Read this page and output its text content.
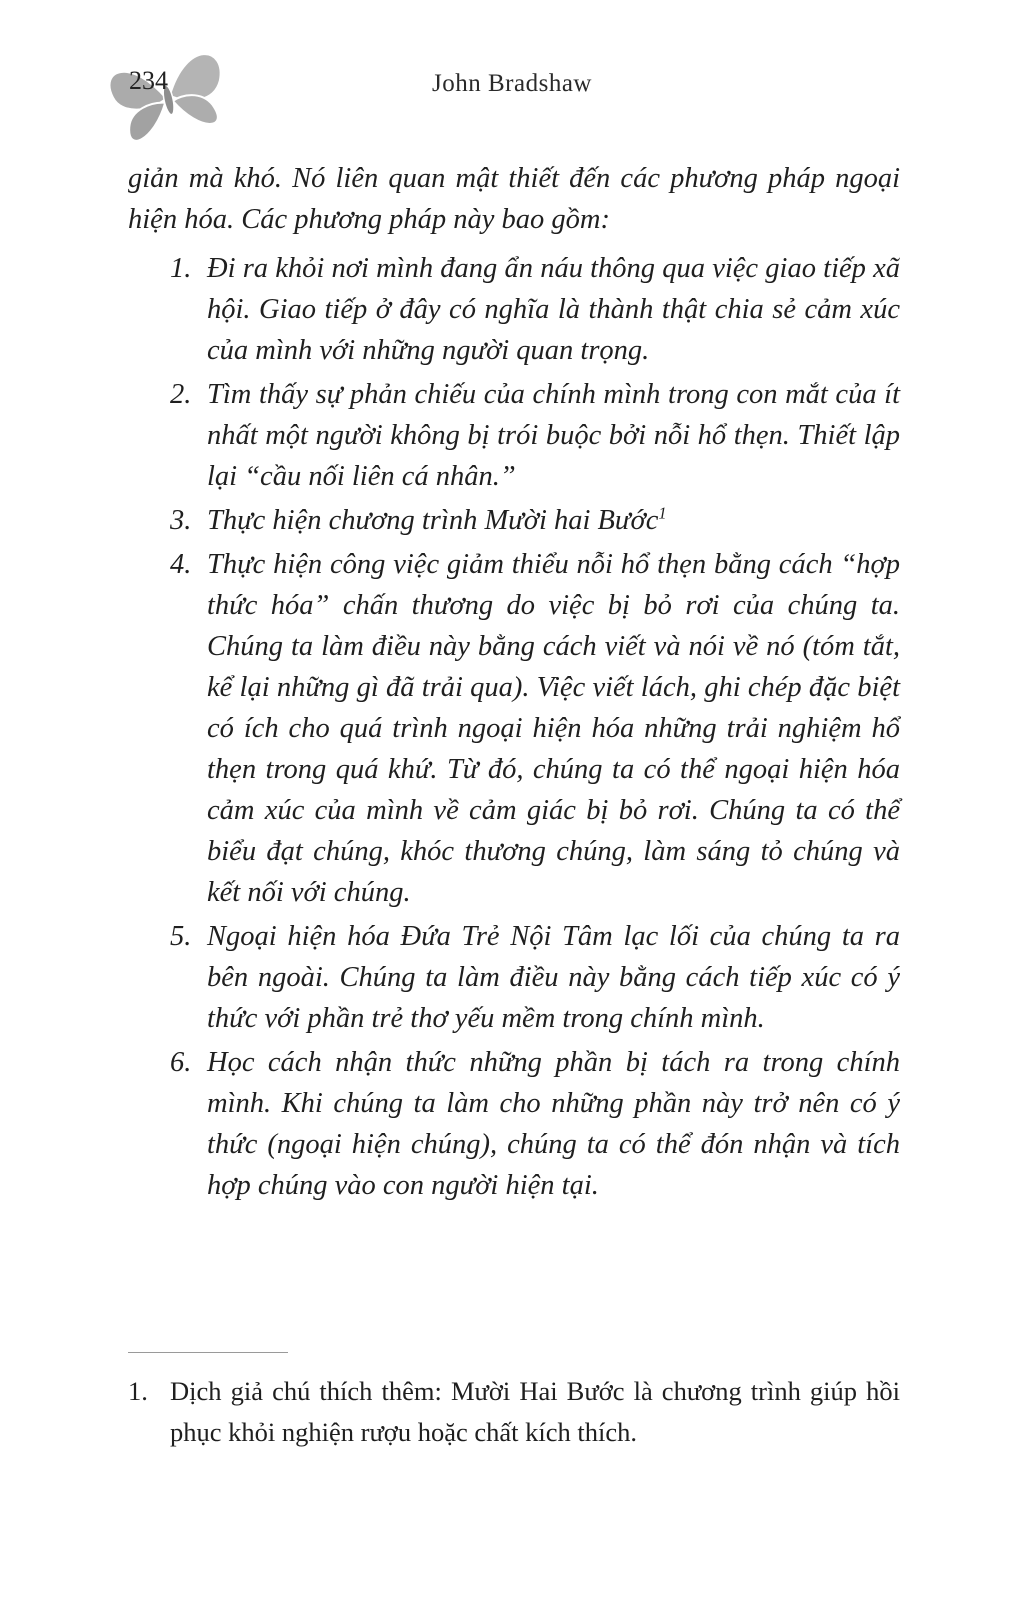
234	John Bradshaw

giản mà khó. Nó liên quan mật thiết đến các phương pháp ngoại hiện hóa. Các phương pháp này bao gồm:

1. Đi ra khỏi nơi mình đang ẩn náu thông qua việc giao tiếp xã hội. Giao tiếp ở đây có nghĩa là thành thật chia sẻ cảm xúc của mình với những người quan trọng.
2. Tìm thấy sự phản chiếu của chính mình trong con mắt của ít nhất một người không bị trói buộc bởi nỗi hổ thẹn. Thiết lập lại “cầu nối liên cá nhân.”
3. Thực hiện chương trình Mười hai Bước$^1$
4. Thực hiện công việc giảm thiểu nỗi hổ thẹn bằng cách “hợp thức hóa” chấn thương do việc bị bỏ rơi của chúng ta. Chúng ta làm điều này bằng cách viết và nói về nó (tóm tắt, kể lại những gì đã trải qua). Việc viết lách, ghi chép đặc biệt có ích cho quá trình ngoại hiện hóa những trải nghiệm hổ thẹn trong quá khứ. Từ đó, chúng ta có thể ngoại hiện hóa cảm xúc của mình về cảm giác bị bỏ rơi. Chúng ta có thể biểu đạt chúng, khóc thương chúng, làm sáng tỏ chúng và kết nối với chúng.
5. Ngoại hiện hóa Đứa Trẻ Nội Tâm lạc lối của chúng ta ra bên ngoài. Chúng ta làm điều này bằng cách tiếp xúc có ý thức với phần trẻ thơ yếu mềm trong chính mình.
6. Học cách nhận thức những phần bị tách ra trong chính mình. Khi chúng ta làm cho những phần này trở nên có ý thức (ngoại hiện chúng), chúng ta có thể đón nhận và tích hợp chúng vào con người hiện tại.
1. Dịch giả chú thích thêm: Mười Hai Bước là chương trình giúp hồi phục khỏi nghiện rượu hoặc chất kích thích.
